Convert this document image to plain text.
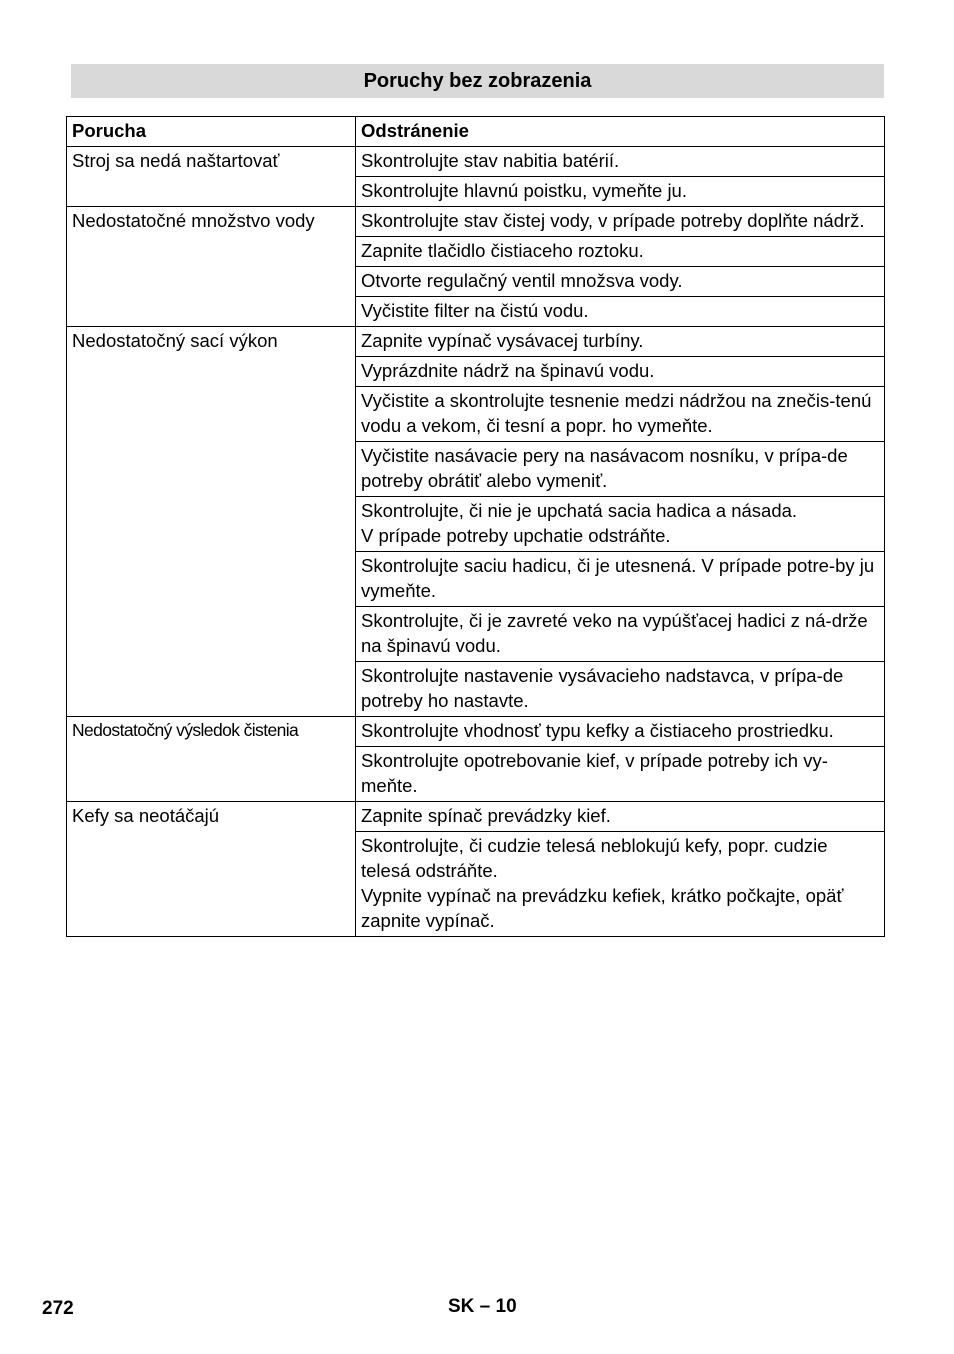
Poruchy bez zobrazenia
Porucha	Odstránenie
Stroj sa nedá naštartovať	Skontrolujte stav nabitia batérií.
	Skontrolujte hlavnú poistku, vymeňte ju.
Nedostatočné množstvo vody	Skontrolujte stav čistej vody, v prípade potreby doplňte nádrž.
	Zapnite tlačidlo čistiaceho roztoku.
	Otvorte regulačný ventil množsva vody.
	Vyčistite filter na čistú vodu.
Nedostatočný sací výkon	Zapnite vypínač vysávacej turbíny.
	Vyprázdnite nádrž na špinavú vodu.
	Vyčistite a skontrolujte tesnenie medzi nádržou na znečis-tenú vodu a vekom, či tesní a popr. ho vymeňte.
	Vyčistite nasávacie pery na nasávacom nosníku, v prípa-de potreby obrátiť alebo vymeniť.
	Skontrolujte, či nie je upchatá sacia hadica a násada.
V prípade potreby upchatie odstráňte.
	Skontrolujte saciu hadicu, či je utesnená. V prípade potre-by ju vymeňte.
	Skontrolujte, či je zavreté veko na vypúšťacej hadici z ná-drže na špinavú vodu.
	Skontrolujte nastavenie vysávacieho nadstavca, v prípa-de potreby ho nastavte.
Nedostatočný výsledok čistenia	Skontrolujte vhodnosť typu kefky a čistiaceho prostriedku.
	Skontrolujte opotrebovanie kief, v prípade potreby ich vy-meňte.
Kefy sa neotáčajú	Zapnite spínač prevádzky kief.
	Skontrolujte, či cudzie telesá neblokujú kefy, popr. cudzie telesá odstráňte.
Vypnite vypínač na prevádzku kefiek, krátko počkajte, opäť zapnite vypínač.
272	SK – 10
